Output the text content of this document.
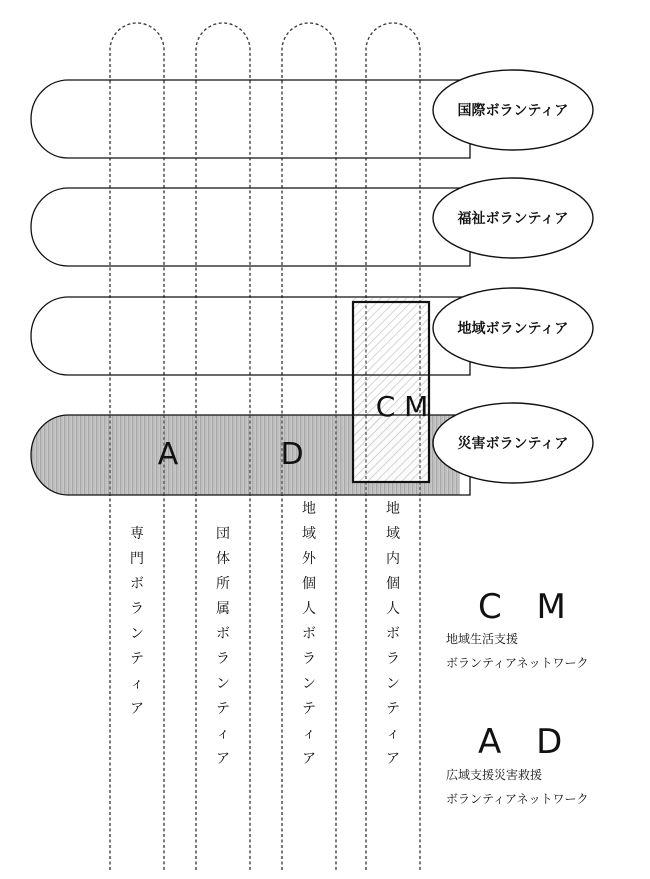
国際ボランティア
福祉ボランティア
地域ボランティア
災害ボランティア
A	D
C M
専
門
ボ
ラ
ン
テ
ィ
ア
団
体
所
属
ボ
ラ
ン
テ
ィ
ア
地
域
外
個
人
ボ
ラ
ン
テ
ィ
ア
地
域
内
個
人
ボ
ラ
ン
テ
ィ
ア
C M
地域生活支援
ボランティアネットワーク
A D
広域支援災害救援
ボランティアネットワーク
